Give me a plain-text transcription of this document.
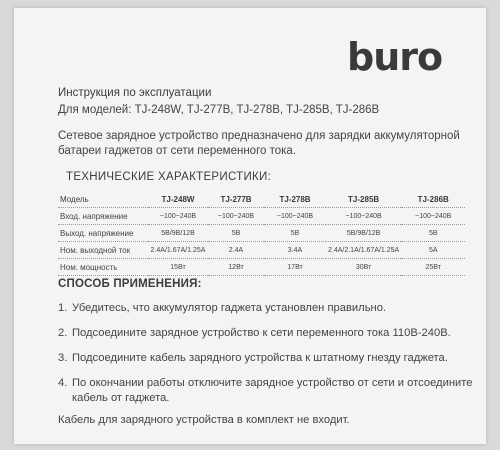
buro
Инструкция по эксплуатации
Для моделей: TJ-248W, TJ-277B, TJ-278B, TJ-285B, TJ-286B
Сетевое зарядное устройство предназначено для зарядки аккумуляторной батареи гаджетов от сети переменного тока.
ТЕХНИЧЕСКИЕ ХАРАКТЕРИСТИКИ:
Модель	TJ-248W	TJ-277B	TJ-278B	TJ-285B	TJ-286B
Вход. напряжение	~100~240В	~100~240В	~100~240В	~100~240В	~100~240В
Выход. напряжение	5В/9В/12В	5В	5В	5В/9В/12В	5В
Ном. выходной ток	2.4A/1.67A/1.25A	2.4A	3.4A	2.4A/2.1A/1.67A/1.25A	5A
Ном. мощность	15Вт	12Вт	17Вт	30Вт	25Вт
СПОСОБ ПРИМЕНЕНИЯ:
1. Убедитесь, что аккумулятор гаджета установлен правильно.
2. Подсоедините зарядное устройство к сети переменного тока 110В-240В.
3. Подсоедините кабель зарядного устройства к штатному гнезду гаджета.
4. По окончании работы отключите зарядное устройство от сети и отсоедините кабель от гаджета.
Кабель для зарядного устройства в комплект не входит.
